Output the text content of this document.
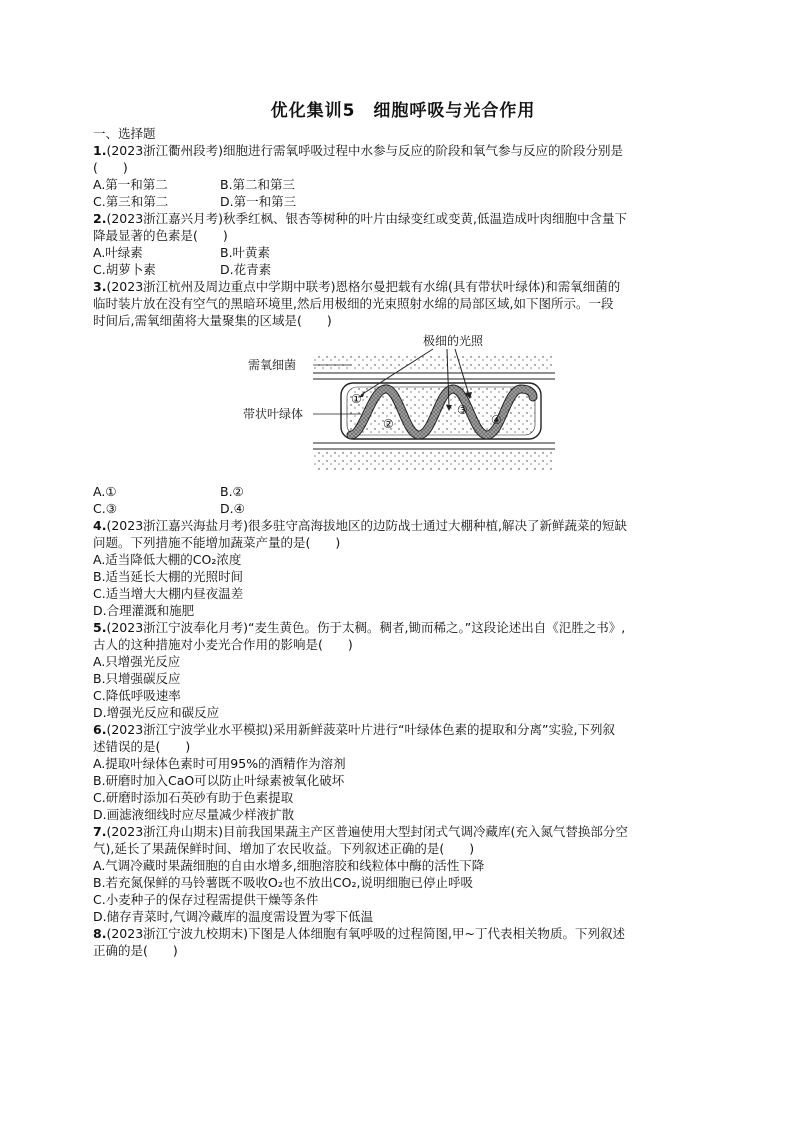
优化集训5　细胞呼吸与光合作用
一、选择题
1.(2023浙江衢州段考)细胞进行需氧呼吸过程中水参与反应的阶段和氧气参与反应的阶段分别是
(　　)
A.第一和第二	B.第二和第三
C.第三和第二	D.第一和第三
2.(2023浙江嘉兴月考)秋季红枫、银杏等树种的叶片由绿变红或变黄,低温造成叶肉细胞中含量下
降最显著的色素是(　　)
A.叶绿素	B.叶黄素
C.胡萝卜素	D.花青素
3.(2023浙江杭州及周边重点中学期中联考)恩格尔曼把载有水绵(具有带状叶绿体)和需氧细菌的
临时装片放在没有空气的黑暗环境里,然后用极细的光束照射水绵的局部区域,如下图所示。一段
时间后,需氧细菌将大量聚集的区域是(　　)
需氧细菌
带状叶绿体
极细的光照
①
②
③
④
A.①	B.②
C.③	D.④
4.(2023浙江嘉兴海盐月考)很多驻守高海拔地区的边防战士通过大棚种植,解决了新鲜蔬菜的短缺
问题。下列措施不能增加蔬菜产量的是(　　)
A.适当降低大棚的CO₂浓度
B.适当延长大棚的光照时间
C.适当增大大棚内昼夜温差
D.合理灌溉和施肥
5.(2023浙江宁波奉化月考)“麦生黄色。伤于太稠。稠者,锄而稀之。”这段论述出自《氾胜之书》,
古人的这种措施对小麦光合作用的影响是(　　)
A.只增强光反应
B.只增强碳反应
C.降低呼吸速率
D.增强光反应和碳反应
6.(2023浙江宁波学业水平模拟)采用新鲜菠菜叶片进行“叶绿体色素的提取和分离”实验,下列叙
述错误的是(　　)
A.提取叶绿体色素时可用95%的酒精作为溶剂
B.研磨时加入CaO可以防止叶绿素被氧化破坏
C.研磨时添加石英砂有助于色素提取
D.画滤液细线时应尽量减少样液扩散
7.(2023浙江舟山期末)目前我国果蔬主产区普遍使用大型封闭式气调冷藏库(充入氮气替换部分空
气),延长了果蔬保鲜时间、增加了农民收益。下列叙述正确的是(　　)
A.气调冷藏时果蔬细胞的自由水增多,细胞溶胶和线粒体中酶的活性下降
B.若充氮保鲜的马铃薯既不吸收O₂也不放出CO₂,说明细胞已停止呼吸
C.小麦种子的保存过程需提供干燥等条件
D.储存青菜时,气调冷藏库的温度需设置为零下低温
8.(2023浙江宁波九校期末)下图是人体细胞有氧呼吸的过程简图,甲~丁代表相关物质。下列叙述
正确的是(　　)
